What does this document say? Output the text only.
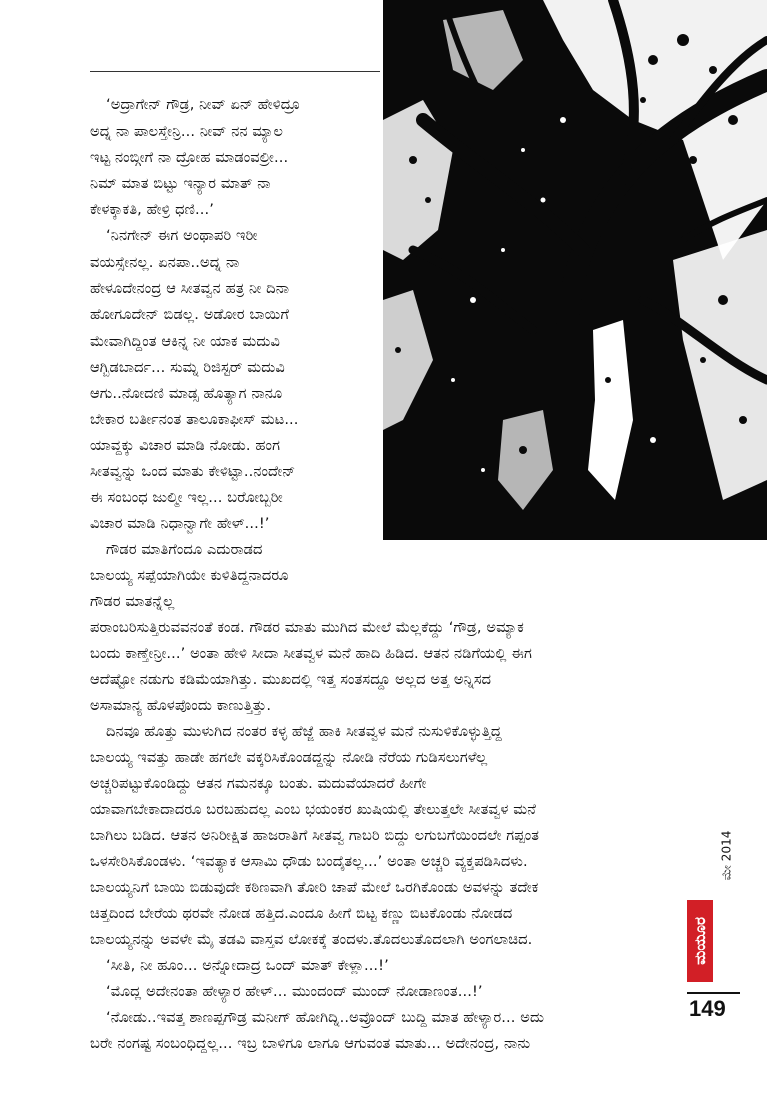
‘ಅದ್ರಾಗೇನ್ ಗೌಡ್ರ, ನೀವ್ ಏನ್ ಹೇಳಿದ್ರೂ

ಅದ್ನ ನಾ ಪಾಲಸ್ತೇನ್ರಿ... ನೀವ್ ನನ ಮ್ಯಾಲ

ಇಟ್ಟ ನಂಬ್ಗೀಗೆ ನಾ ದ್ರೋಹ ಮಾಡಂವಲ್ರೀ...

ನಿಮ್ ಮಾತ ಬಿಟ್ಟು ಇನ್ಯಾರ ಮಾತ್ ನಾ

ಕೇಳಕ್ಕಾಕತಿ, ಹೇಳ್ರಿ ಧಣಿ...’

‘ನಿನಗೇನ್ ಈಗ ಅಂಥಾಪರಿ ಇರೀ

ವಯಸ್ಸೇನಲ್ಲ. ಏನಪಾ..ಅದ್ನ ನಾ

ಹೇಳೂದೇನಂದ್ರ ಆ ಸೀತವ್ವನ ಹತ್ರ ನೀ ದಿನಾ

ಹೋಗೂದೇನ್ ಬಿಡಲ್ಲ. ಅಡೋರ ಬಾಯಿಗೆ

ಮೇವಾಗಿದ್ದಿಂತ ಆಕಿನ್ನ ನೀ ಯಾಕ ಮದುವಿ

ಆಗ್ಬಿಡಬಾರ್ದ... ಸುಮ್ನ ರಿಜಿಸ್ಟರ್ ಮದುವಿ

ಆಗು..ನೋದಣಿ ಮಾಡ್ಸ ಹೊತ್ಯಾಗ ನಾನೂ

ಬೇಕಾರ ಬರ್ತೀನಂತ ತಾಲೂಕಾಫೀಸ್ ಮಟ...

ಯಾವ್ದಕ್ಕು ವಿಚಾರ ಮಾಡಿ ನೋಡು. ಹಂಗ

ಸೀತವ್ವನ್ನು ಒಂದ ಮಾತು ಕೇಳಿಟ್ಟಾ..ನಂದೇನ್

ಈ ಸಂಬಂಧ ಜುಲ್ಮೀ ಇಲ್ಲ... ಬರೋಬ್ಬರೀ

ವಿಚಾರ ಮಾಡಿ ನಿಧಾನ್ವಾಗೇ ಹೇಳ್...!’

ಗೌಡರ ಮಾತಿಗೆಂದೂ ಎದುರಾಡದ

ಬಾಲಯ್ಯ ಸಪ್ಪೆಯಾಗಿಯೇ ಕುಳಿತಿದ್ದನಾದರೂ

ಗೌಡರ ಮಾತನ್ನೆಲ್ಲ

ಪರಾಂಬರಿಸುತ್ತಿರುವವನಂತೆ ಕಂಡ. ಗೌಡರ ಮಾತು ಮುಗಿದ ಮೇಲೆ ಮೆಲ್ಲಕೆದ್ದು ‘ಗೌಡ್ರ, ಅಮ್ಯಾಕ

ಬಂದು ಕಾಣ್ತೇನ್ರೀ...’ ಅಂತಾ ಹೇಳಿ ಸೀದಾ ಸೀತವ್ವಳ ಮನೆ ಹಾದಿ ಹಿಡಿದ. ಆತನ ನಡಿಗೆಯಲ್ಲಿ ಈಗ

ಆದೆಷ್ಟೋ ನಡುಗು ಕಡಿಮೆಯಾಗಿತ್ತು. ಮುಖದಲ್ಲಿ ಇತ್ತ ಸಂತಸದ್ದೂ ಅಲ್ಲದ ಅತ್ತ ಅನ್ನಿಸದ

ಅಸಾಮಾನ್ಯ ಹೊಳಪೊಂದು ಕಾಣುತ್ತಿತ್ತು.

ದಿನವೂ ಹೊತ್ತು ಮುಳುಗಿದ ನಂತರ ಕಳ್ಳ ಹೆಜ್ಜೆ ಹಾಕಿ ಸೀತವ್ವಳ ಮನೆ ನುಸುಳಿಕೊಳ್ಳುತ್ತಿದ್ದ

ಬಾಲಯ್ಯ ಇವತ್ತು ಹಾಡೇ ಹಗಲೇ ವಕ್ಕರಿಸಿಕೊಂಡದ್ದನ್ನು ನೋಡಿ ನೆರೆಯ ಗುಡಿಸಲುಗಳೆಲ್ಲ

ಅಚ್ಚರಿಪಟ್ಟುಕೊಂಡಿದ್ದು ಆತನ ಗಮನಕ್ಕೂ ಬಂತು. ಮದುವೆಯಾದರೆ ಹೀಗೇ

ಯಾವಾಗಬೇಕಾದಾದರೂ ಬರಬಹುದಲ್ಲ ಎಂಬ ಭಯಂಕರ ಖುಷಿಯಲ್ಲಿ ತೇಲುತ್ತಲೇ ಸೀತವ್ವಳ ಮನೆ

ಬಾಗಿಲು ಬಡಿದ. ಆತನ ಅನಿರೀಕ್ಷಿತ ಹಾಜರಾತಿಗೆ ಸೀತವ್ವ ಗಾಬರಿ ಬಿದ್ದು ಲಗುಬಗೆಯಿಂದಲೇ ಗಪ್ಪಂತ

ಒಳಸೇರಿಸಿಕೊಂಡಳು. ‘ಇವತ್ಯಾಕ ಆಸಾಮಿ ಧೌಡು ಬಂದೈತಲ್ಲ...’ ಅಂತಾ ಅಚ್ಚರಿ ವ್ಯಕ್ತಪಡಿಸಿದಳು.

ಬಾಲಯ್ಯನಿಗೆ ಬಾಯಿ ಬಿಡುವುದೇ ಕಠಿಣವಾಗಿ ತೋರಿ ಚಾಪೆ ಮೇಲೆ ಒರಗಿಕೊಂಡು ಅವಳನ್ನು ತದೇಕ

ಚಿತ್ತದಿಂದ ಬೇರೆಯ ಥರವೇ ನೋಡ ಹತ್ತಿದ.ಎಂದೂ ಹೀಗೆ ಬಿಟ್ಟ ಕಣ್ಣು ಬಿಟಕೊಂಡು ನೋಡದ

ಬಾಲಯ್ಯನನ್ನು ಅವಳೇ ಮೈ ತಡವಿ ವಾಸ್ತವ ಲೋಕಕ್ಕೆ ತಂದಳು.ತೊದಲುತೊದಲಾಗಿ ಅಂಗಲಾಚಿದ.

‘ಸೀತಿ, ನೀ ಹೂಂ... ಅನ್ನೋದಾದ್ರ ಒಂದ್ ಮಾತ್ ಕೇಳ್ಲಾ...!’

‘ಮೊದ್ಲ ಅದೇನಂತಾ ಹೇಳ್ಯಾರ ಹೇಳ್... ಮುಂದಂದ್ ಮುಂದ್ ನೋಡಾಣಂತ...!’

‘ನೋಡು..ಇವತ್ತ ಶಾಣಪ್ಪಗೌಡ್ರ ಮನೀಗ್ ಹೋಗಿದ್ನಿ..ಅವ್ರೊಂದ್ ಬುದ್ದಿ ಮಾತ ಹೇಳ್ಯಾರ... ಅದು

ಬರೇ ನಂಗಷ್ಟ ಸಂಬಂಧಿದ್ದಲ್ಲ... ಇಬ್ರ ಬಾಳಿಗೂ ಲಾಗೂ ಆಗುವಂತ ಮಾತು... ಅದೇನಂದ್ರ, ನಾನು

ಮೇ 2014
ಮಯೂರ
149
